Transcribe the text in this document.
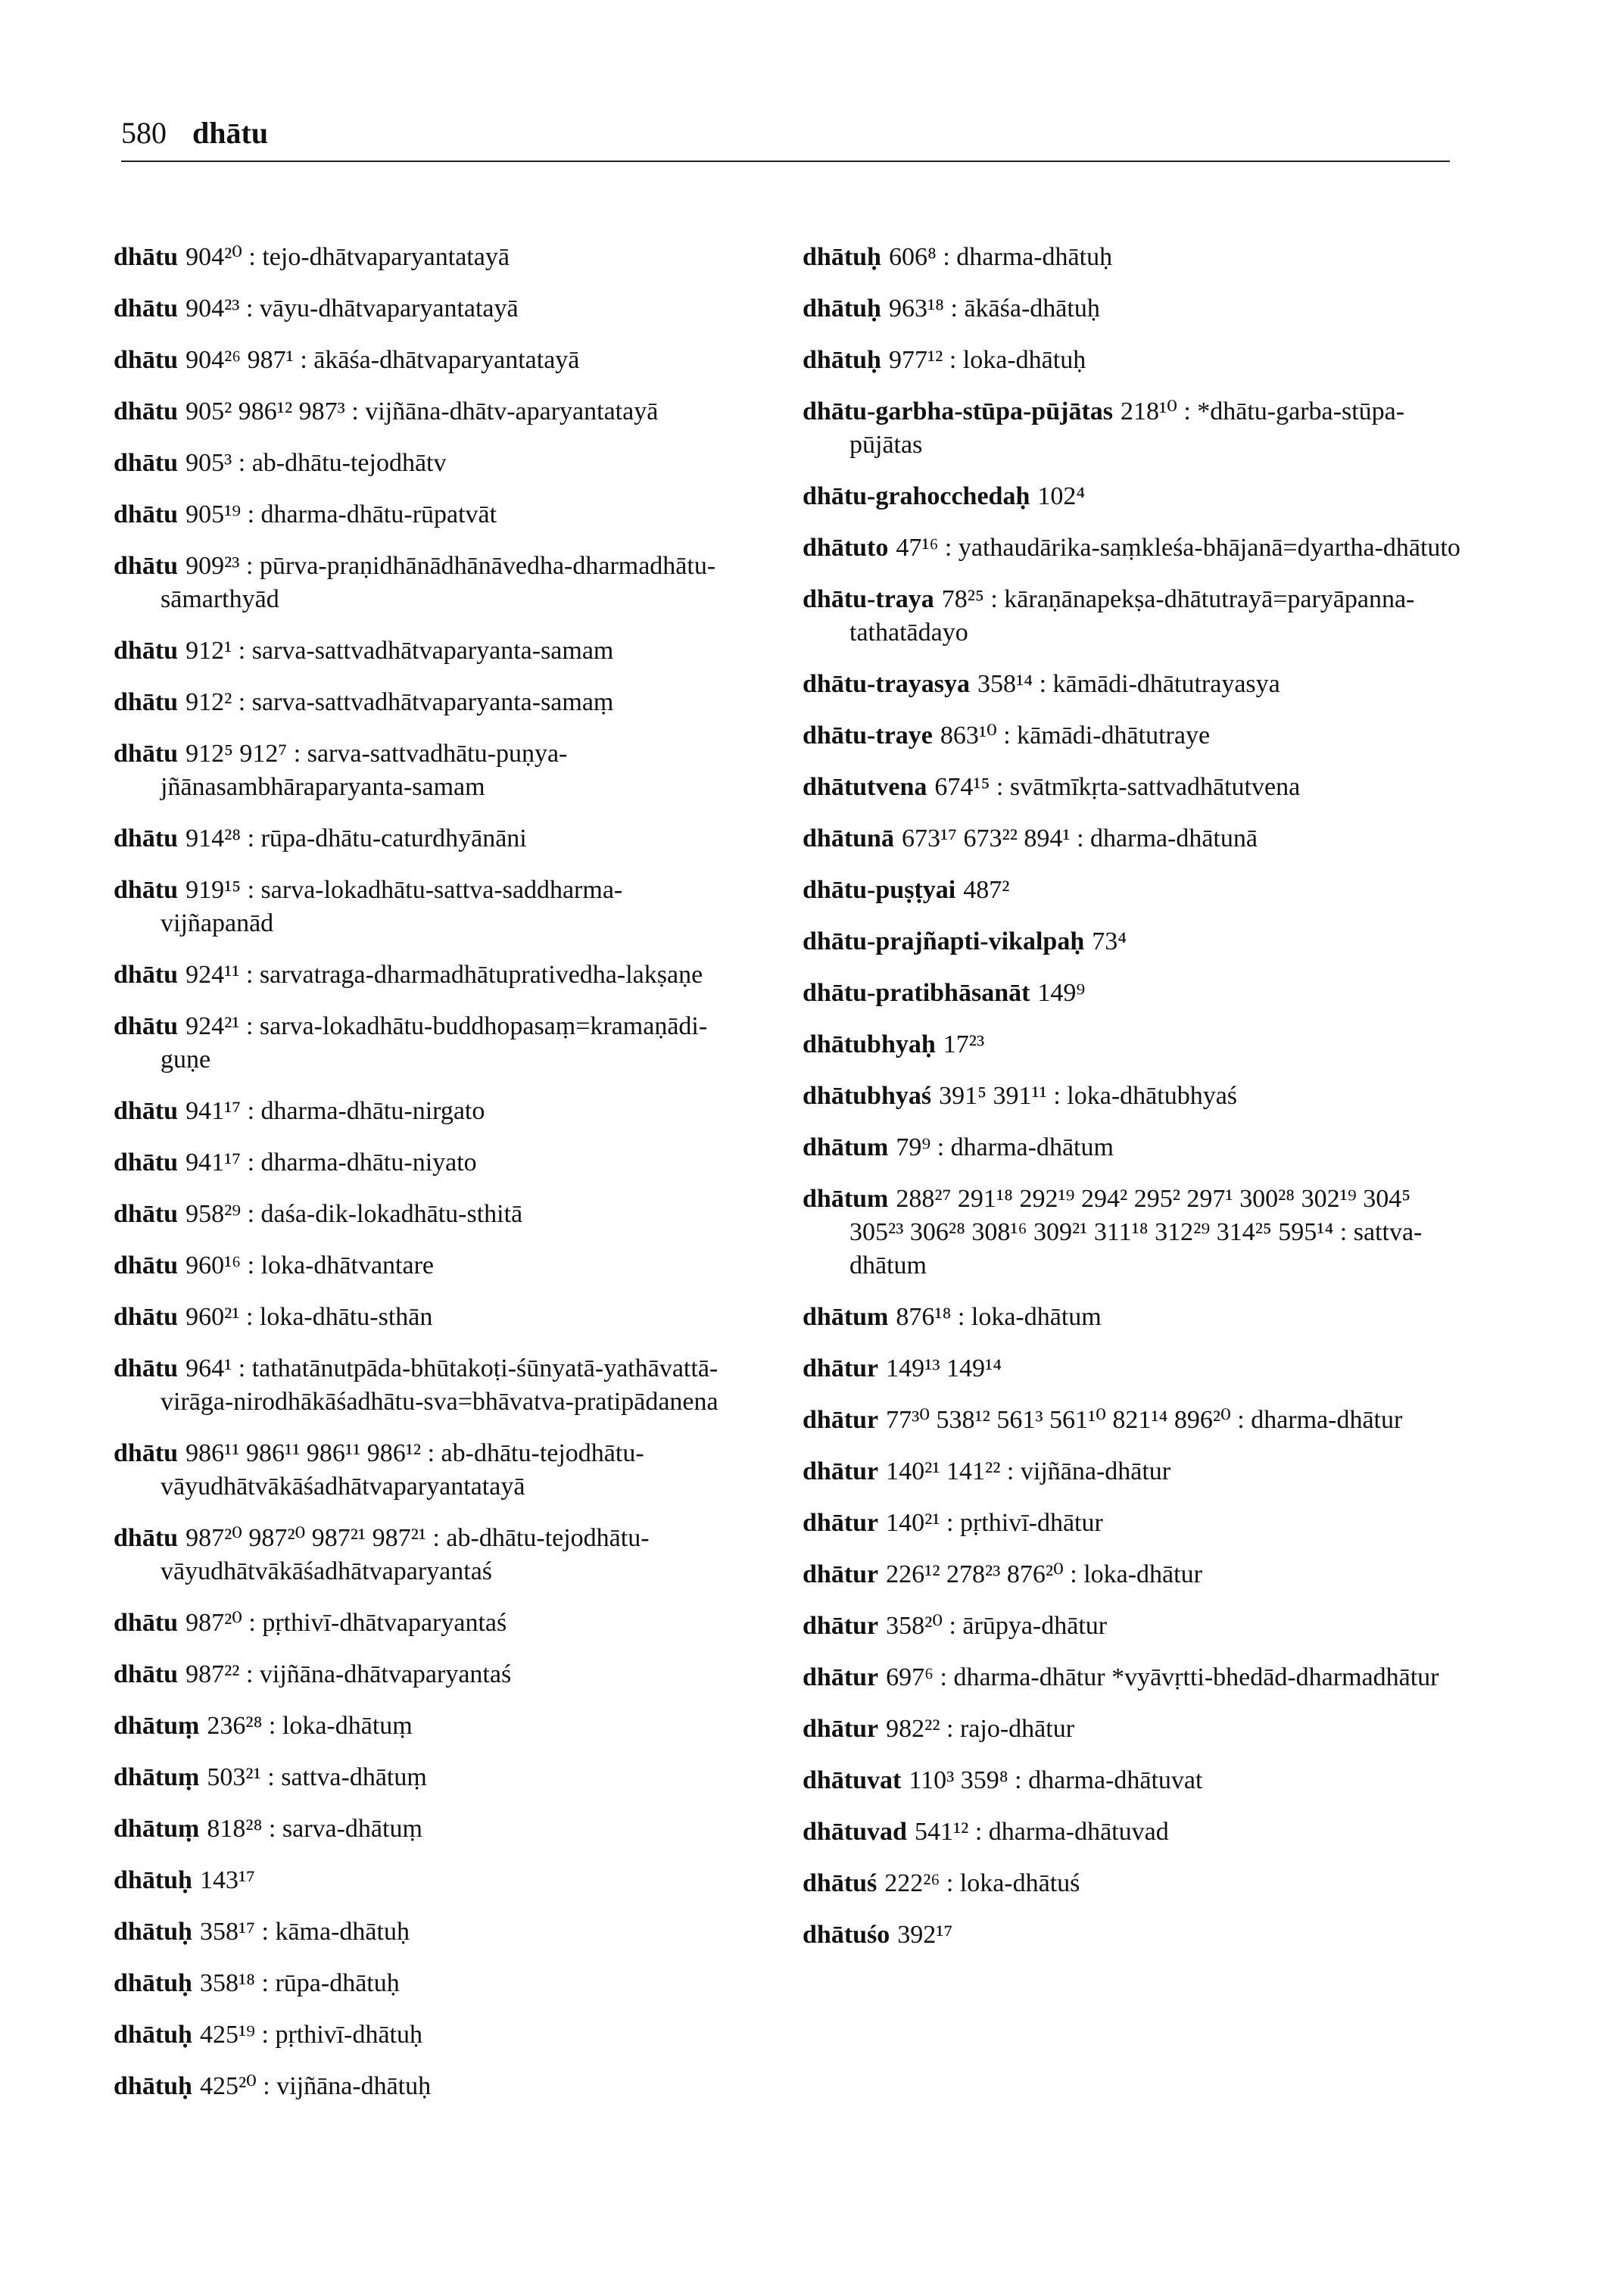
580 dhātu

dhātu 904²⁰ : tejo-dhātvaparyantatayā

dhātu 904²³ : vāyu-dhātvaparyantatayā

dhātu 904²⁶ 987¹ : ākāśa-dhātvaparyantatayā

dhātu 905² 986¹² 987³ : vijñāna-dhātv-aparyantatayā

dhātu 905³ : ab-dhātu-tejodhātv

dhātu 905¹⁹ : dharma-dhātu-rūpatvāt

dhātu 909²³ : pūrva-praṇidhānādhānāvedha-dharmadhātu-sāmarthyād

dhātu 912¹ : sarva-sattvadhātvaparyanta-samam

dhātu 912² : sarva-sattvadhātvaparyanta-samaṃ

dhātu 912⁵ 912⁷ : sarva-sattvadhātu-puṇya-jñānasambhāraparyanta-samam

dhātu 914²⁸ : rūpa-dhātu-caturdhyānāni

dhātu 919¹⁵ : sarva-lokadhātu-sattva-saddharma-vijñapanād

dhātu 924¹¹ : sarvatraga-dharmadhātuprativedha-lakṣaṇe

dhātu 924²¹ : sarva-lokadhātu-buddhopasaṃ=kramaṇādi-guṇe

dhātu 941¹⁷ : dharma-dhātu-nirgato

dhātu 941¹⁷ : dharma-dhātu-niyato

dhātu 958²⁹ : daśa-dik-lokadhātu-sthitā

dhātu 960¹⁶ : loka-dhātvantare

dhātu 960²¹ : loka-dhātu-sthān

dhātu 964¹ : tathatānutpāda-bhūtakoṭi-śūnyatā-yathāvattā-virāga-nirodhākāśadhātu-sva=bhāvatva-pratipādanena

dhātu 986¹¹ 986¹¹ 986¹¹ 986¹² : ab-dhātu-tejodhātu-vāyudhātvākāśadhātvaparyantatayā

dhātu 987²⁰ 987²⁰ 987²¹ 987²¹ : ab-dhātu-tejodhātu-vāyudhātvākāśadhātvaparyantaś

dhātu 987²⁰ : pṛthivī-dhātvaparyantaś

dhātu 987²² : vijñāna-dhātvaparyantaś

dhātuṃ 236²⁸ : loka-dhātuṃ

dhātuṃ 503²¹ : sattva-dhātuṃ

dhātuṃ 818²⁸ : sarva-dhātuṃ

dhātuḥ 143¹⁷

dhātuḥ 358¹⁷ : kāma-dhātuḥ

dhātuḥ 358¹⁸ : rūpa-dhātuḥ

dhātuḥ 425¹⁹ : pṛthivī-dhātuḥ

dhātuḥ 425²⁰ : vijñāna-dhātuḥ

dhātuḥ 606⁸ : dharma-dhātuḥ

dhātuḥ 963¹⁸ : ākāśa-dhātuḥ

dhātuḥ 977¹² : loka-dhātuḥ

dhātu-garbha-stūpa-pūjātas 218¹⁰ : *dhātu-garba-stūpa-pūjātas

dhātu-grahocchedaḥ 102⁴

dhātuto 47¹⁶ : yathaudārika-saṃkleśa-bhājanā=dyartha-dhātuto

dhātu-traya 78²⁵ : kāraṇānapekṣa-dhātutrayā=paryāpanna-tathatādayo

dhātu-trayasya 358¹⁴ : kāmādi-dhātutrayasya

dhātu-traye 863¹⁰ : kāmādi-dhātutraye

dhātutvena 674¹⁵ : svātmīkṛta-sattvadhātutvena

dhātunā 673¹⁷ 673²² 894¹ : dharma-dhātunā

dhātu-puṣṭyai 487²

dhātu-prajñapti-vikalpaḥ 73⁴

dhātu-pratibhāsanāt 149⁹

dhātubhyaḥ 17²³

dhātubhyaś 391⁵ 391¹¹ : loka-dhātubhyaś

dhātum 79⁹ : dharma-dhātum

dhātum 288²⁷ 291¹⁸ 292¹⁹ 294² 295² 297¹ 300²⁸ 302¹⁹ 304⁵ 305²³ 306²⁸ 308¹⁶ 309²¹ 311¹⁸ 312²⁹ 314²⁵ 595¹⁴ : sattva-dhātum

dhātum 876¹⁸ : loka-dhātum

dhātur 149¹³ 149¹⁴

dhātur 77³⁰ 538¹² 561³ 561¹⁰ 821¹⁴ 896²⁰ : dharma-dhātur

dhātur 140²¹ 141²² : vijñāna-dhātur

dhātur 140²¹ : pṛthivī-dhātur

dhātur 226¹² 278²³ 876²⁰ : loka-dhātur

dhātur 358²⁰ : ārūpya-dhātur

dhātur 697⁶ : dharma-dhātur *vyāvṛtti-bhedād-dharmadhātur

dhātur 982²² : rajo-dhātur

dhātuvat 110³ 359⁸ : dharma-dhātuvat

dhātuvad 541¹² : dharma-dhātuvad

dhātuś 222²⁶ : loka-dhātuś

dhātuśo 392¹⁷
